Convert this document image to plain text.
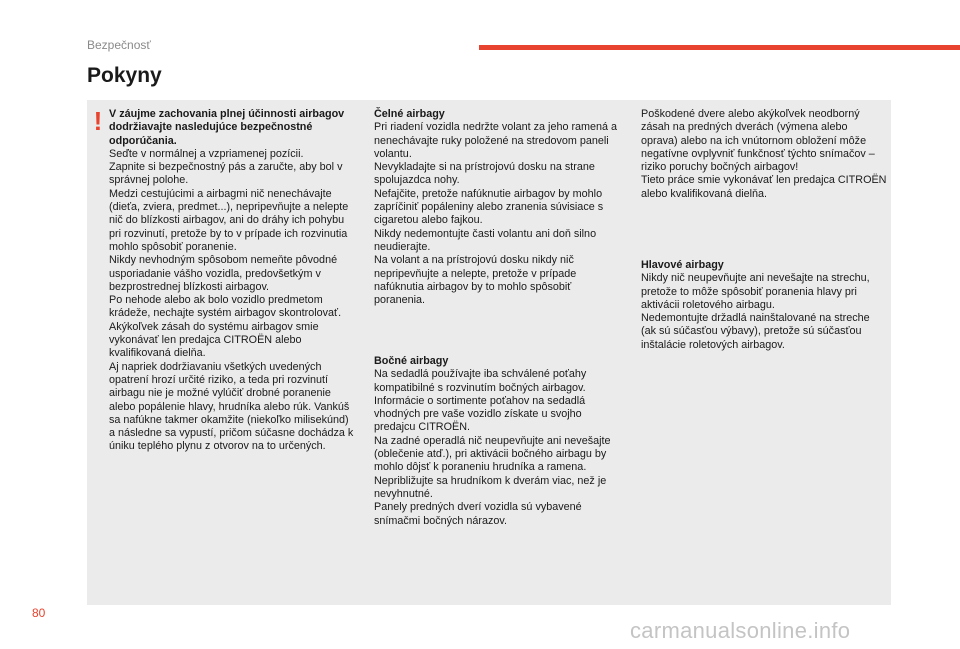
Bezpečnosť
Pokyny
! V záujme zachovania plnej účinnosti airbagov dodržiavajte nasledujúce bezpečnostné odporúčania.

Seďte v normálnej a vzpriamenej pozícii.
Zapnite si bezpečnostný pás a zaručte, aby bol v správnej polohe.
Medzi cestujúcimi a airbagmi nič nenechávajte (dieťa, zviera, predmet...), nepripevňujte a nelepte nič do blízkosti airbagov, ani do dráhy ich pohybu pri rozvinutí, pretože by to v prípade ich rozvinutia mohlo spôsobiť poranenie.
Nikdy nevhodným spôsobom nemeňte pôvodné usporiadanie vášho vozidla, predovšetkým v bezprostrednej blízkosti airbagov.
Po nehode alebo ak bolo vozidlo predmetom krádeže, nechajte systém airbagov skontrolovať.
Akýkoľvek zásah do systému airbagov smie vykonávať len predajca CITROËN alebo kvalifikovaná dielňa.
Aj napriek dodržiavaniu všetkých uvedených opatrení hrozí určité riziko, a teda pri rozvinutí airbagu nie je možné vylúčiť drobné poranenie alebo popálenie hlavy, hrudníka alebo rúk. Vankúš sa nafúkne takmer okamžite (niekoľko milisekúnd) a následne sa vypustí, pričom súčasne dochádza k úniku teplého plynu z otvorov na to určených.

Čelné airbagy

Pri riadení vozidla nedržte volant za jeho ramená a nenechávajte ruky položené na stredovom paneli volantu.
Nevykladajte si na prístrojovú dosku na strane spolujazdca nohy.
Nefajčite, pretože nafúknutie airbagov by mohlo zapríčiniť popáleniny alebo zranenia súvisiace s cigaretou alebo fajkou.
Nikdy nedemontujte časti volantu ani doň silno neudierajte.
Na volant a na prístrojovú dosku nikdy nič nepripevňujte a nelepte, pretože v prípade nafúknutia airbagov by to mohlo spôsobiť poranenia.

Bočné airbagy

Na sedadlá používajte iba schválené poťahy kompatibilné s rozvinutím bočných airbagov. Informácie o sortimente poťahov na sedadlá vhodných pre vaše vozidlo získate u svojho predajcu CITROËN.
Na zadné operadlá nič neupevňujte ani nevešajte (oblečenie atď.), pri aktivácii bočného airbagu by mohlo dôjsť k poraneniu hrudníka a ramena.
Nepribližujte sa hrudníkom k dverám viac, než je nevyhnutné.
Panely predných dverí vozidla sú vybavené snímačmi bočných nárazov.

Poškodené dvere alebo akýkoľvek neodborný zásah na predných dverách (výmena alebo oprava) alebo na ich vnútornom obložení môže negatívne ovplyvniť funkčnosť týchto snímačov – riziko poruchy bočných airbagov!
Tieto práce smie vykonávať len predajca CITROËN alebo kvalifikovaná dielňa.

Hlavové airbagy

Nikdy nič neupevňujte ani nevešajte na strechu, pretože to môže spôsobiť poranenia hlavy pri aktivácii roletového airbagu.
Nedemontujte držadlá nainštalované na streche (ak sú súčasťou výbavy), pretože sú súčasťou inštalácie roletových airbagov.

80
carmanualsonline.info
